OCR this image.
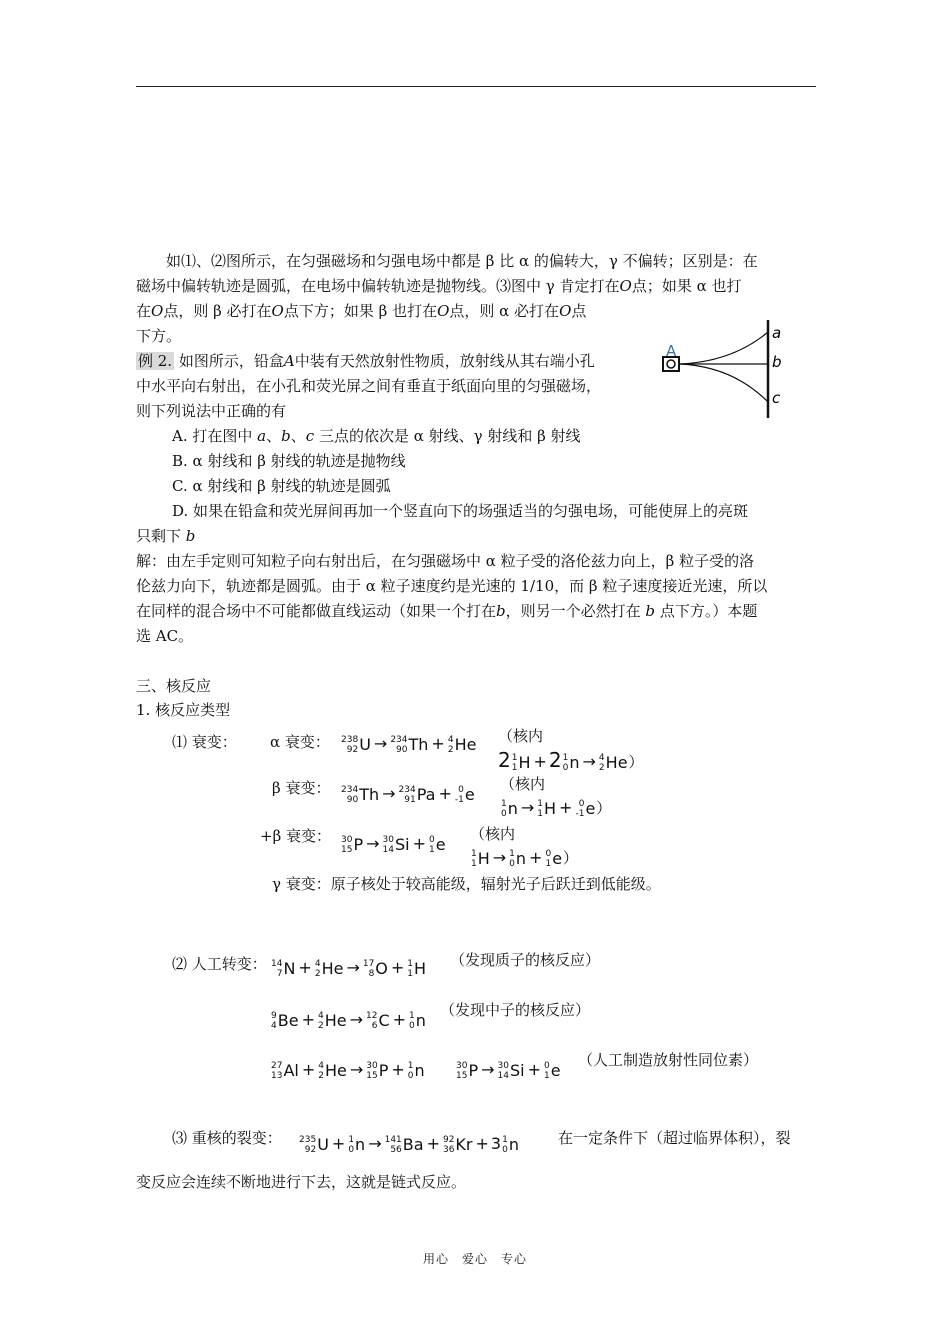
如⑴、⑵图所示，在匀强磁场和匀强电场中都是 β 比 α 的偏转大，γ 不偏转；区别是：在
磁场中偏转轨迹是圆弧，在电场中偏转轨迹是抛物线。⑶图中 γ 肯定打在O点；如果 α 也打
在O点，则 β 必打在O点下方；如果 β 也打在O点，则 α 必打在O点
下方。
例 2. 如图所示，铅盒A中装有天然放射性物质，放射线从其右端小孔
中水平向右射出，在小孔和荧光屏之间有垂直于纸面向里的匀强磁场，
则下列说法中正确的有
A. 打在图中 a、b、c 三点的依次是 α 射线、γ 射线和 β 射线
B. α 射线和 β 射线的轨迹是抛物线
C. α 射线和 β 射线的轨迹是圆弧
D. 如果在铅盒和荧光屏间再加一个竖直向下的场强适当的匀强电场，可能使屏上的亮斑
只剩下 b
A
a
b
c
解：由左手定则可知粒子向右射出后，在匀强磁场中 α 粒子受的洛伦兹力向上，β 粒子受的洛
伦兹力向下，轨迹都是圆弧。由于 α 粒子速度约是光速的 1/10，而 β 粒子速度接近光速，所以
在同样的混合场中不可能都做直线运动（如果一个打在b，则另一个必然打在 b 点下方。）本题
选 AC。
三、核反应
1. 核反应类型
⑴ 衰变： α 衰变： 238
92 U → 234
90 Th + 4
2 He （核内
2 1
1 H + 2 1
0 n → 4
2 He ）
β 衰变： 234
90 Th → 234
91 Pa + 0
-1 e
（核内

1
0 n → 1
1 H + 0
-1 e ）
+β 衰变： 30
15 P → 30
14 Si + 0
1 e
（核内

1
1 H → 1
0 n + 0
1 e ）
γ 衰变：原子核处于较高能级，辐射光子后跃迁到低能级。
⑵ 人工转变： 14
7 N + 4
2 He → 17
8 O + 1
1 H （发现质子的核反应）
9
4 Be + 4
2 He → 12
6 C + 1
0 n
（发现中子的核反应）
27
13 Al + 4
2 He → 30
15 P + 1
0 n	30
15 P → 30
14 Si + 0
1 e
（人工制造放射性同位素）
⑶ 重核的裂变： 235
92 U + 1
0 n → 141
56 Ba + 92
36 Kr + 3 1
0 n	在一定条件下（超过临界体积），裂
变反应会连续不断地进行下去，这就是链式反应。
用心　爱心　专心
